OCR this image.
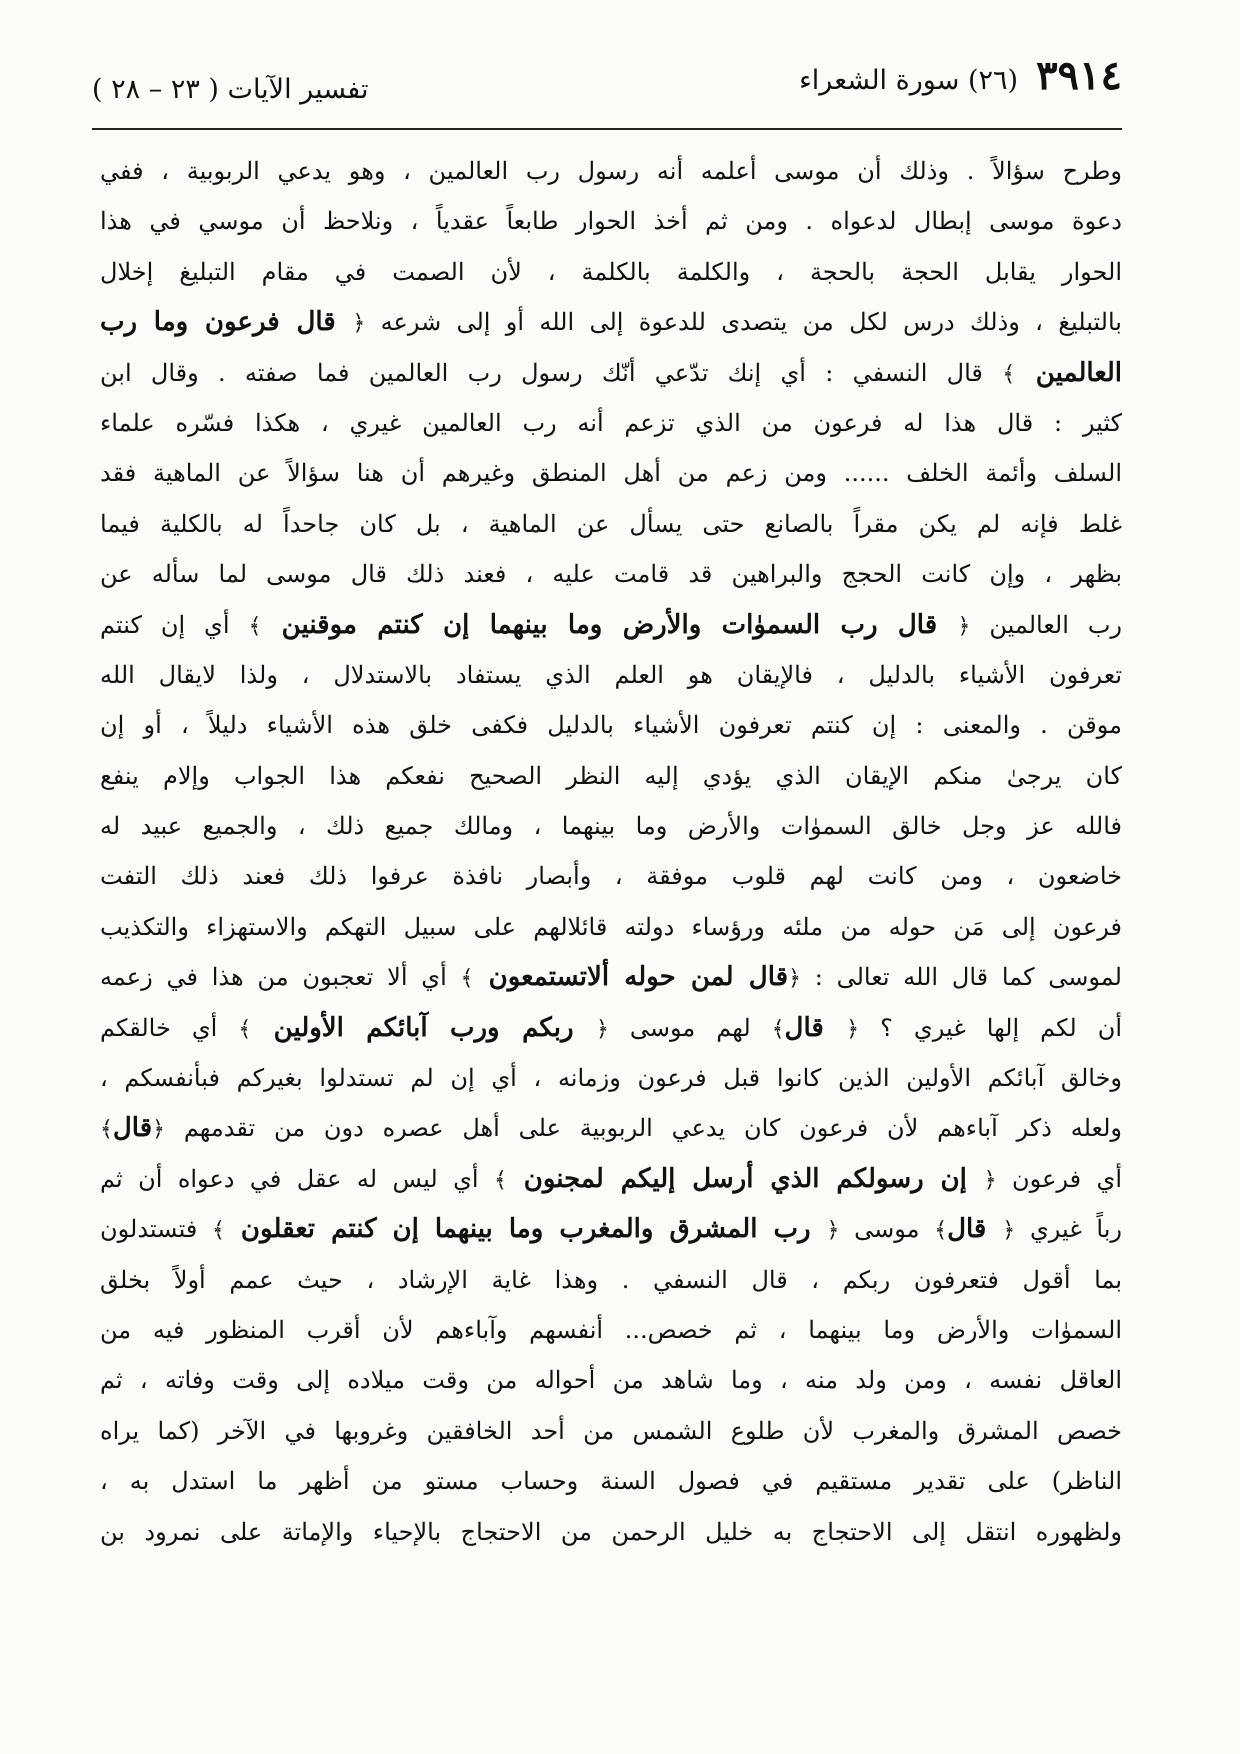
٣٩١٤
(٢٦) سورة الشعراء
تفسير الآيات ( ٢٣ – ٢٨ )
وطرح سؤالاً . وذلك أن موسى أعلمه أنه رسول رب العالمين ، وهو يدعي الربوبية ، ففي
دعوة موسى إبطال لدعواه . ومن ثم أخذ الحوار طابعاً عقدياً ، ونلاحظ أن موسي في هذا
الحوار يقابل الحجة بالحجة ، والكلمة بالكلمة ، لأن الصمت في مقام التبليغ إخلال
بالتبليغ ، وذلك درس لكل من يتصدى للدعوة إلى الله أو إلى شرعه ﴿ قال فرعون وما رب
العالمين ﴾ قال النسفي : أي إنك تدّعي أنّك رسول رب العالمين فما صفته . وقال ابن
كثير : قال هذا له فرعون من الذي تزعم أنه رب العالمين غيري ، هكذا فسّره علماء
السلف وأئمة الخلف ...... ومن زعم من أهل المنطق وغيرهم أن هنا سؤالاً عن الماهية فقد
غلط فإنه لم يكن مقراً بالصانع حتى يسأل عن الماهية ، بل كان جاحداً له بالكلية فيما
بظهر ، وإن كانت الحجج والبراهين قد قامت عليه ، فعند ذلك قال موسى لما سأله عن
رب العالمين ﴿ قال رب السموٰات والأرض وما بينهما إن كنتم موقنين ﴾ أي إن كنتم
تعرفون الأشياء بالدليل ، فالإيقان هو العلم الذي يستفاد بالاستدلال ، ولذا لايقال الله
موقن . والمعنى : إن كنتم تعرفون الأشياء بالدليل فكفى خلق هذه الأشياء دليلاً ، أو إن
كان يرجىٰ منكم الإيقان الذي يؤدي إليه النظر الصحيح نفعكم هذا الجواب وإلام ينفع
فالله عز وجل خالق السموٰات والأرض وما بينهما ، ومالك جميع ذلك ، والجميع عبيد له
خاضعون ، ومن كانت لهم قلوب موفقة ، وأبصار نافذة عرفوا ذلك فعند ذلك التفت
فرعون إلى مَن حوله من ملئه ورؤساء دولته قائلالهم على سبيل التهكم والاستهزاء والتكذيب
لموسى كما قال الله تعالى : ﴿قال لمن حوله ألاتستمعون ﴾ أي ألا تعجبون من هذا في زعمه
أن لكم إلها غيري ؟ ﴿ قال﴾ لهم موسى ﴿ ربكم ورب آبائكم الأولين ﴾ أي خالقكم
وخالق آبائكم الأولين الذين كانوا قبل فرعون وزمانه ، أي إن لم تستدلوا بغيركم فبأنفسكم ،
ولعله ذكر آباءهم لأن فرعون كان يدعي الربوبية على أهل عصره دون من تقدمهم ﴿قال﴾
أي فرعون ﴿ إن رسولكم الذي أرسل إليكم لمجنون ﴾ أي ليس له عقل في دعواه أن ثم
رباً غيري ﴿ قال﴾ موسى ﴿ رب المشرق والمغرب وما بينهما إن كنتم تعقلون ﴾ فتستدلون
بما أقول فتعرفون ربكم ، قال النسفي . وهذا غاية الإرشاد ، حيث عمم أولاً بخلق
السموٰات والأرض وما بينهما ، ثم خصص... أنفسهم وآباءهم لأن أقرب المنظور فيه من
العاقل نفسه ، ومن ولد منه ، وما شاهد من أحواله من وقت ميلاده إلى وقت وفاته ، ثم
خصص المشرق والمغرب لأن طلوع الشمس من أحد الخافقين وغروبها في الآخر (كما يراه
الناظر) على تقدير مستقيم في فصول السنة وحساب مستو من أظهر ما استدل به ،
ولظهوره انتقل إلى الاحتجاج به خليل الرحمن من الاحتجاج بالإحياء والإماتة على نمرود بن
